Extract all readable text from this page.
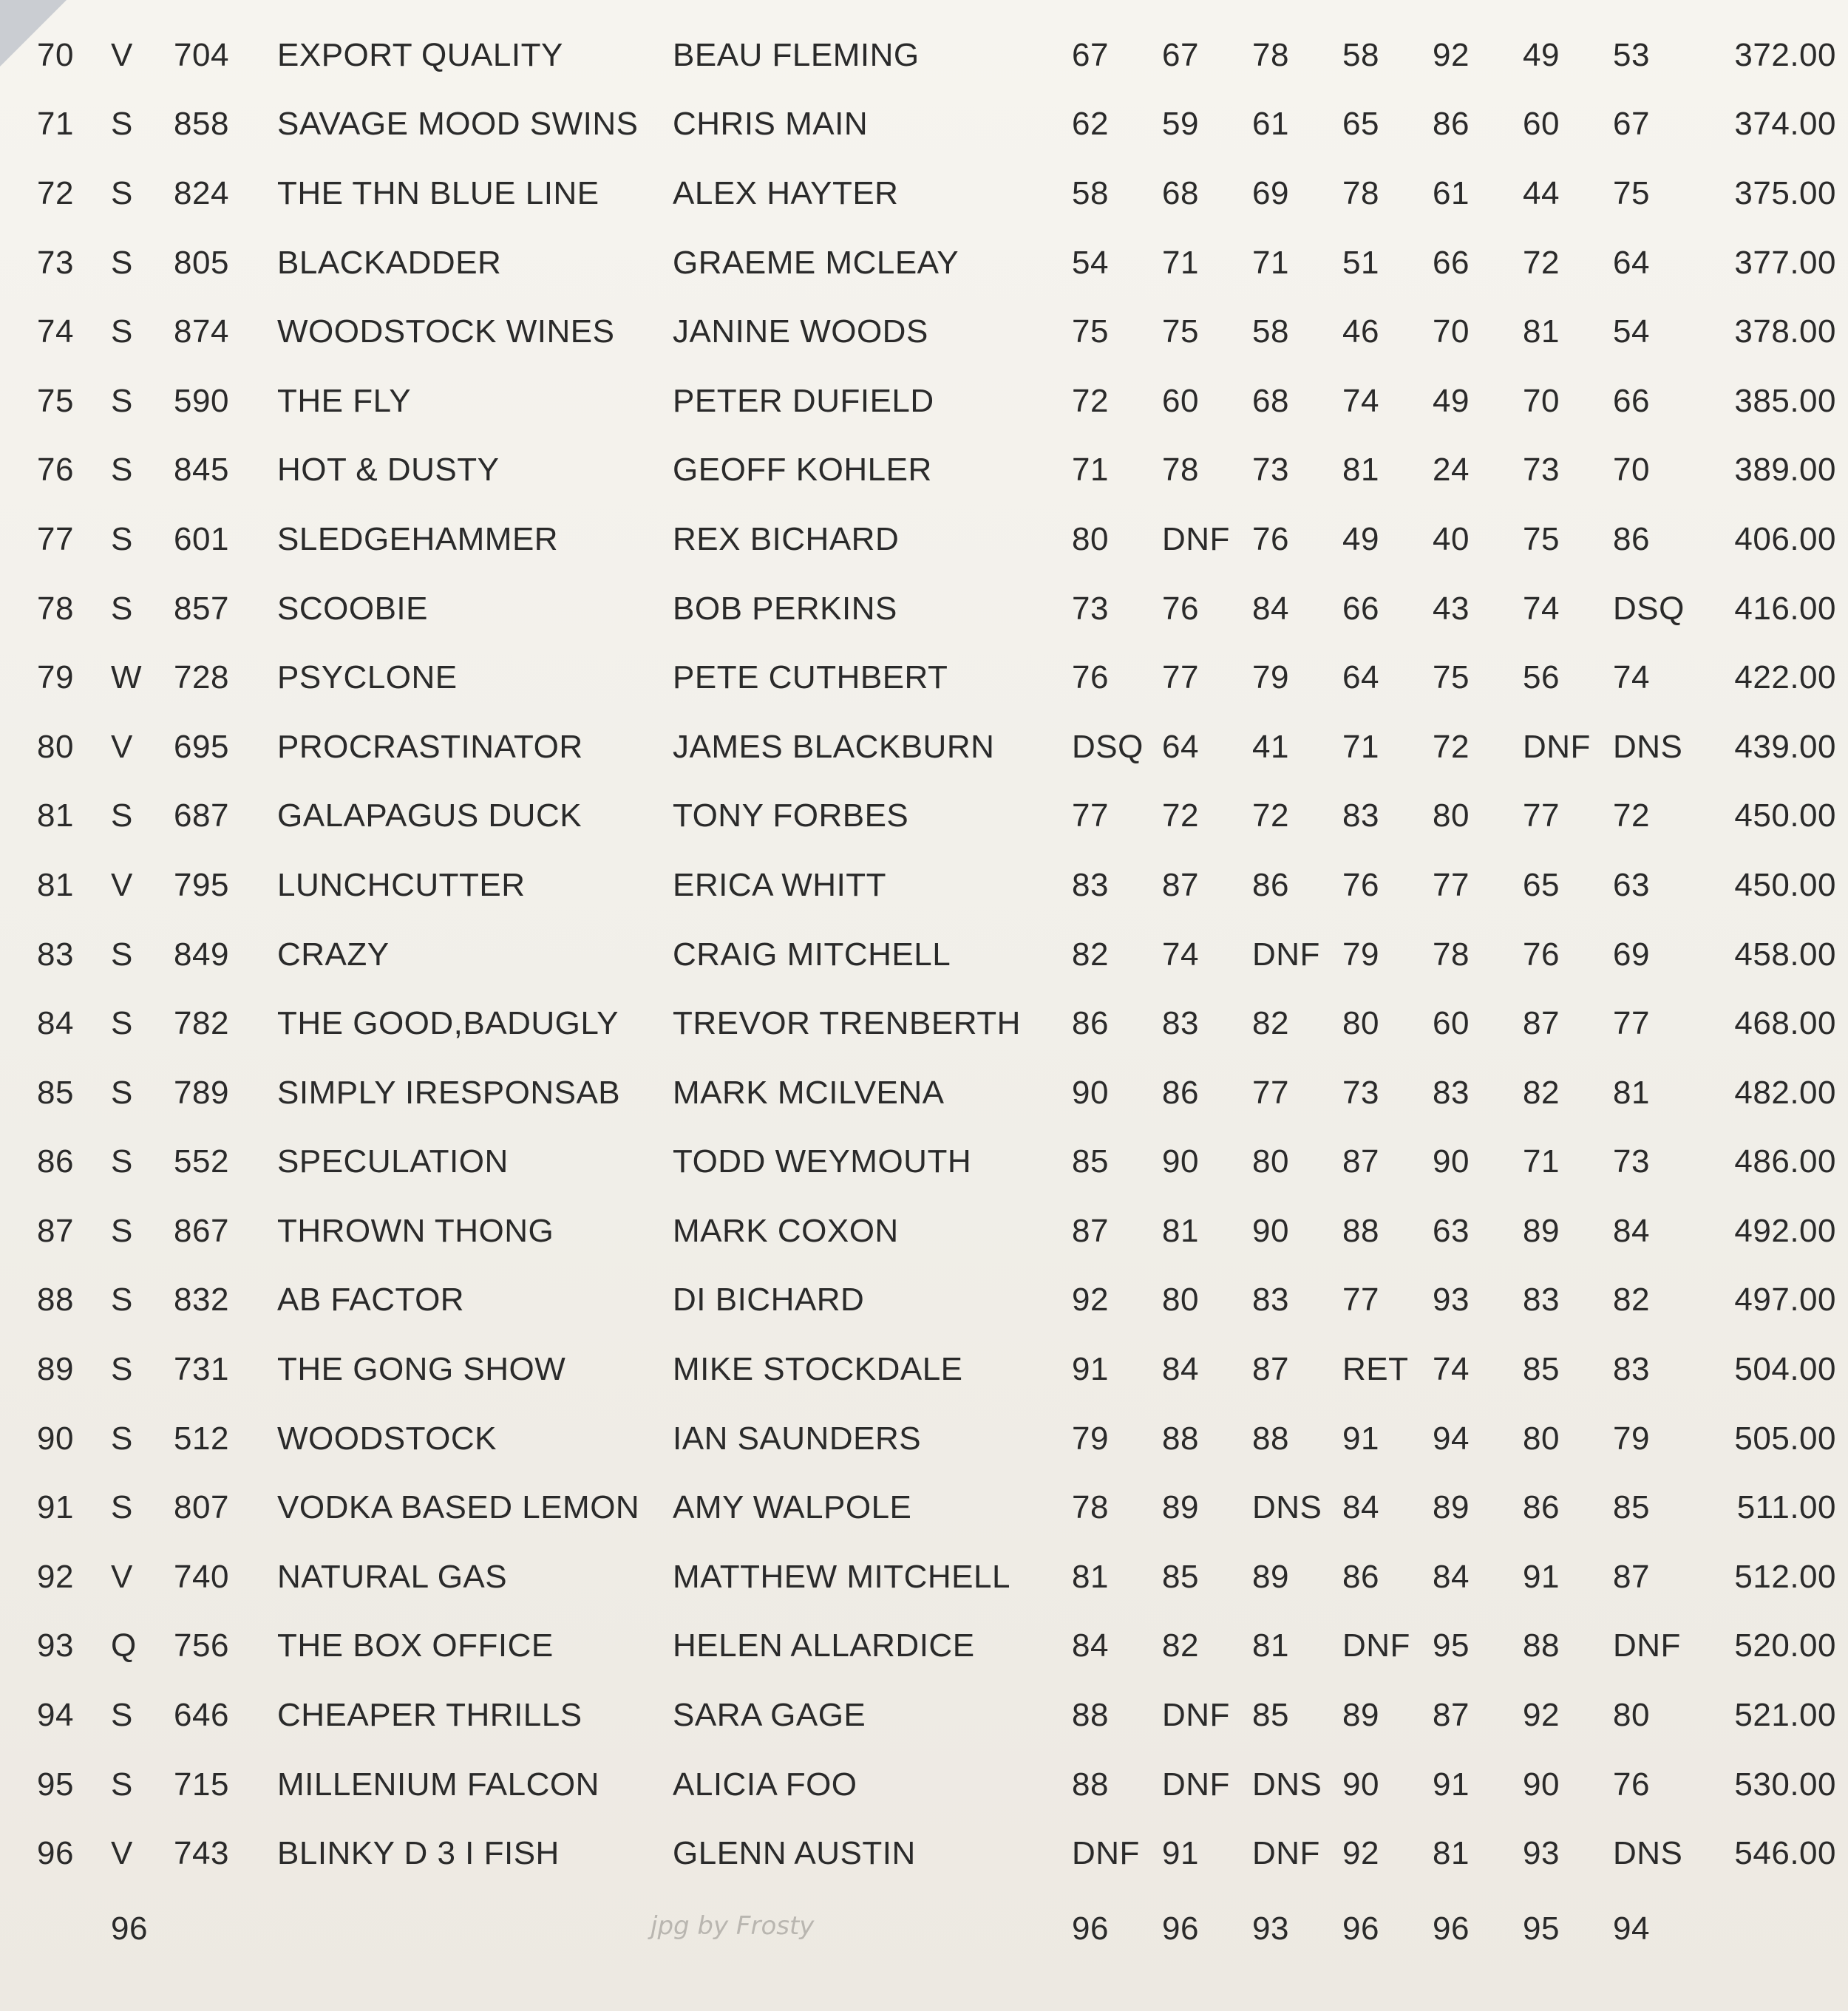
70	V	704	EXPORT QUALITY	BEAU FLEMING	67	67	78	58	92	49	53	372.00
71	S	858	SAVAGE MOOD SWINS	CHRIS MAIN	62	59	61	65	86	60	67	374.00
72	S	824	THE THN BLUE LINE	ALEX HAYTER	58	68	69	78	61	44	75	375.00
73	S	805	BLACKADDER	GRAEME MCLEAY	54	71	71	51	66	72	64	377.00
74	S	874	WOODSTOCK WINES	JANINE WOODS	75	75	58	46	70	81	54	378.00
75	S	590	THE FLY	PETER DUFIELD	72	60	68	74	49	70	66	385.00
76	S	845	HOT & DUSTY	GEOFF KOHLER	71	78	73	81	24	73	70	389.00
77	S	601	SLEDGEHAMMER	REX BICHARD	80	DNF	76	49	40	75	86	406.00
78	S	857	SCOOBIE	BOB PERKINS	73	76	84	66	43	74	DSQ	416.00
79	W	728	PSYCLONE	PETE CUTHBERT	76	77	79	64	75	56	74	422.00
80	V	695	PROCRASTINATOR	JAMES BLACKBURN	DSQ	64	41	71	72	DNF	DNS	439.00
81	S	687	GALAPAGUS DUCK	TONY FORBES	77	72	72	83	80	77	72	450.00
81	V	795	LUNCHCUTTER	ERICA WHITT	83	87	86	76	77	65	63	450.00
83	S	849	CRAZY	CRAIG MITCHELL	82	74	DNF	79	78	76	69	458.00
84	S	782	THE GOOD,BADUGLY	TREVOR TRENBERTH	86	83	82	80	60	87	77	468.00
85	S	789	SIMPLY IRESPONSAB	MARK MCILVENA	90	86	77	73	83	82	81	482.00
86	S	552	SPECULATION	TODD WEYMOUTH	85	90	80	87	90	71	73	486.00
87	S	867	THROWN THONG	MARK COXON	87	81	90	88	63	89	84	492.00
88	S	832	AB FACTOR	DI BICHARD	92	80	83	77	93	83	82	497.00
89	S	731	THE GONG SHOW	MIKE STOCKDALE	91	84	87	RET	74	85	83	504.00
90	S	512	WOODSTOCK	IAN SAUNDERS	79	88	88	91	94	80	79	505.00
91	S	807	VODKA BASED LEMON	AMY WALPOLE	78	89	DNS	84	89	86	85	511.00
92	V	740	NATURAL GAS	MATTHEW MITCHELL	81	85	89	86	84	91	87	512.00
93	Q	756	THE BOX OFFICE	HELEN ALLARDICE	84	82	81	DNF	95	88	DNF	520.00
94	S	646	CHEAPER THRILLS	SARA GAGE	88	DNF	85	89	87	92	80	521.00
95	S	715	MILLENIUM FALCON	ALICIA FOO	88	DNF	DNS	90	91	90	76	530.00
96	V	743	BLINKY D 3 I FISH	GLENN AUSTIN	DNF	91	DNF	92	81	93	DNS	546.00
	96				96	96	93	96	96	95	94	
jpg by Frosty
